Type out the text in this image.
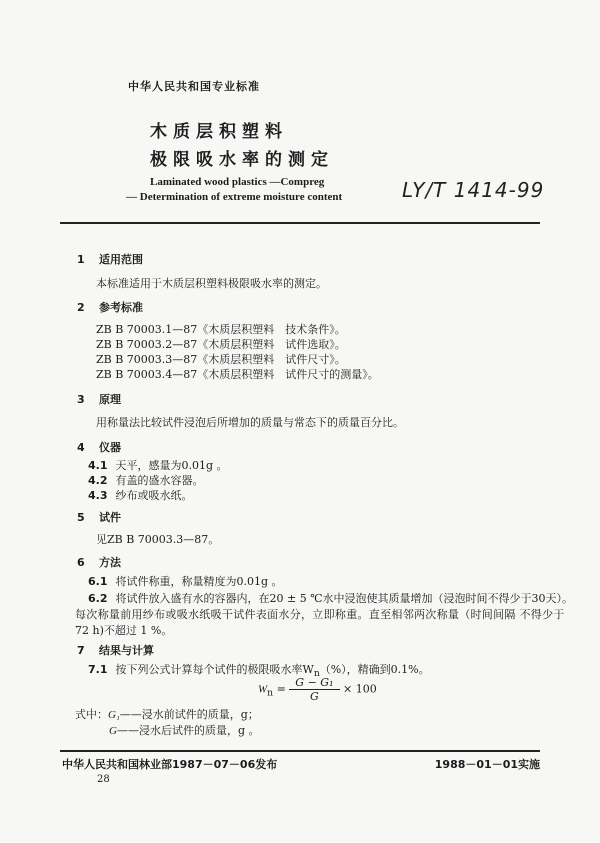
中华人民共和国专业标准
木质层积塑料
极限吸水率的测定
Laminated wood plastics —Compreg
— Determination of extreme moisture content	LY/T 1414-99
1 适用范围
本标准适用于木质层积塑料极限吸水率的测定。
2 参考标准
ZB B 70003.1—87《木质层积塑料　技术条件》。
ZB B 70003.2—87《木质层积塑料　试件选取》。
ZB B 70003.3—87《木质层积塑料　试件尺寸》。
ZB B 70003.4—87《木质层积塑料　试件尺寸的测量》。
3 原理
用称量法比较试件浸泡后所增加的质量与常态下的质量百分比。
4 仪器
4.1 天平，感量为0.01g 。
4.2 有盖的盛水容器。
4.3 纱布或吸水纸。
5 试件
见ZB B 70003.3—87。
6 方法
6.1 将试件称重，称量精度为0.01g 。
6.2 将试件放入盛有水的容器内，在20 ± 5 ℃水中浸泡使其质量增加（浸泡时间不得少于30天）。
每次称量前用纱布或吸水纸吸干试件表面水分，立即称重。直至相邻两次称量（时间间隔 不得少于
72 h)不超过 1 %。
7 结果与计算
7.1 按下列公式计算每个试件的极限吸水率$W_n(\%)$，精确到0.1%。
$W_n = \frac{\text{G − G₁}}{G} \times 100$
式中：G₁——浸水前试件的质量，g；
G——浸水后试件的质量，g 。
中华人民共和国林业部1987－07－06发布	1988－01－01实施
28
